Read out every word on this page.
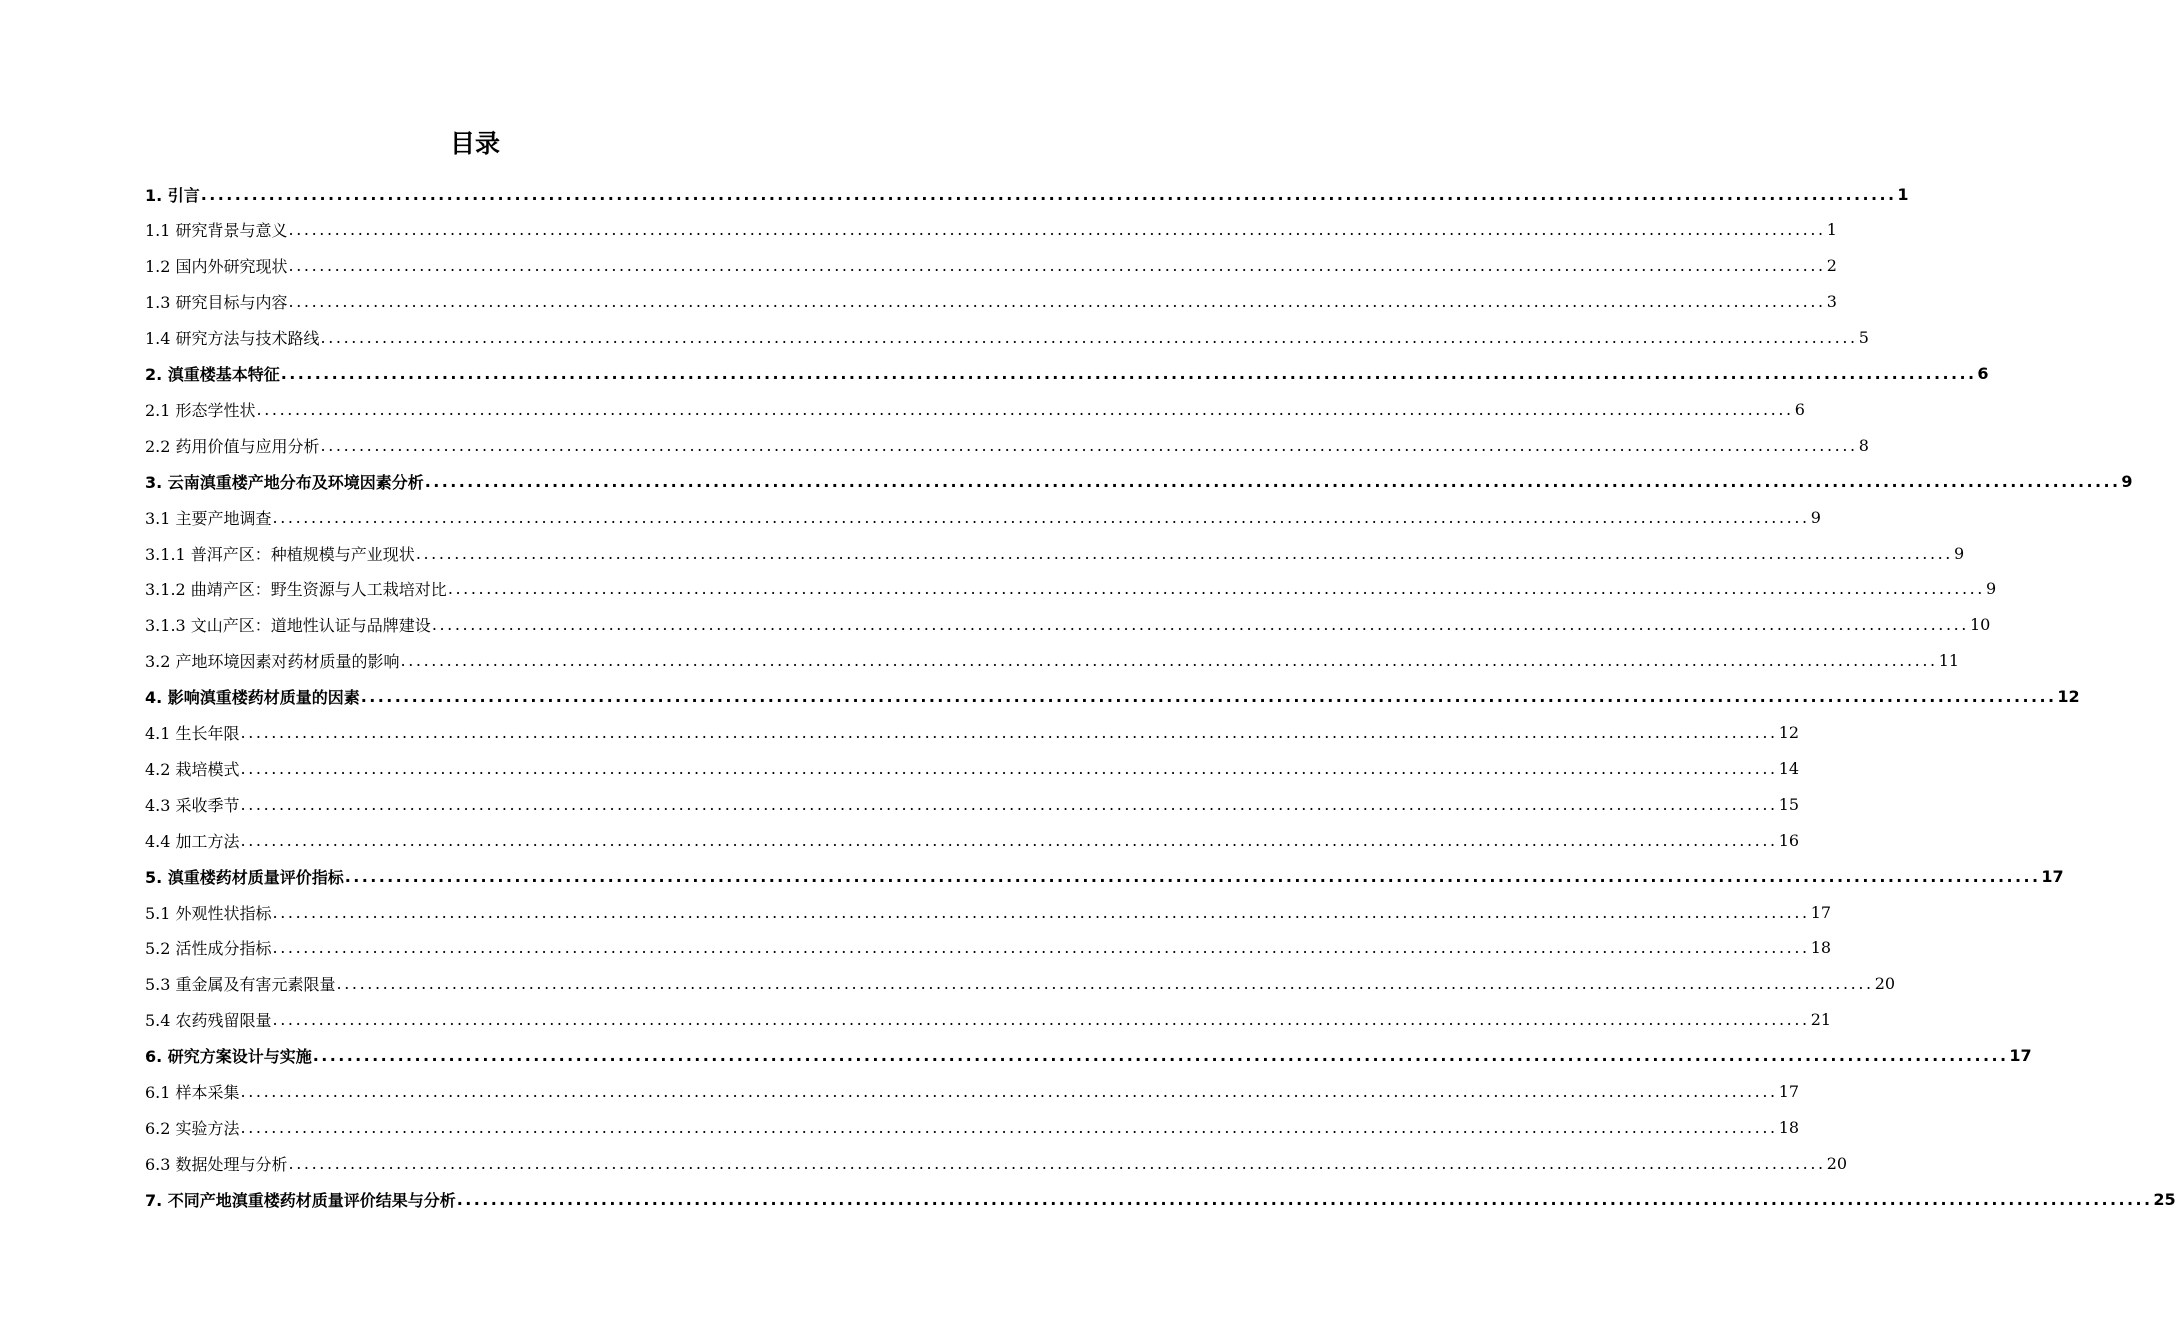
目录
1. 引言 ........................................................................................................................................................................................................ 1
1.1 研究背景与意义 ........................................................................................................................................................................................................ 1
1.2 国内外研究现状 ........................................................................................................................................................................................................ 2
1.3 研究目标与内容 ........................................................................................................................................................................................................ 3
1.4 研究方法与技术路线 ........................................................................................................................................................................................................ 5
2. 滇重楼基本特征 ........................................................................................................................................................................................................ 6
2.1 形态学性状 ........................................................................................................................................................................................................ 6
2.2 药用价值与应用分析 ........................................................................................................................................................................................................ 8
3. 云南滇重楼产地分布及环境因素分析 ........................................................................................................................................................................................................ 9
3.1 主要产地调查 ........................................................................................................................................................................................................ 9
3.1.1 普洱产区：种植规模与产业现状 ........................................................................................................................................................................................................ 9
3.1.2 曲靖产区：野生资源与人工栽培对比 ........................................................................................................................................................................................................ 9
3.1.3 文山产区：道地性认证与品牌建设 ........................................................................................................................................................................................................ 10
3.2 产地环境因素对药材质量的影响 ........................................................................................................................................................................................................ 11
4. 影响滇重楼药材质量的因素 ........................................................................................................................................................................................................ 12
4.1 生长年限 ........................................................................................................................................................................................................ 12
4.2 栽培模式 ........................................................................................................................................................................................................ 14
4.3 采收季节 ........................................................................................................................................................................................................ 15
4.4 加工方法 ........................................................................................................................................................................................................ 16
5. 滇重楼药材质量评价指标 ........................................................................................................................................................................................................ 17
5.1 外观性状指标 ........................................................................................................................................................................................................ 17
5.2 活性成分指标 ........................................................................................................................................................................................................ 18
5.3 重金属及有害元素限量 ........................................................................................................................................................................................................ 20
5.4 农药残留限量 ........................................................................................................................................................................................................ 21
6. 研究方案设计与实施 ........................................................................................................................................................................................................ 17
6.1 样本采集 ........................................................................................................................................................................................................ 17
6.2 实验方法 ........................................................................................................................................................................................................ 18
6.3 数据处理与分析 ........................................................................................................................................................................................................ 20
7. 不同产地滇重楼药材质量评价结果与分析 ........................................................................................................................................................................................................ 25
